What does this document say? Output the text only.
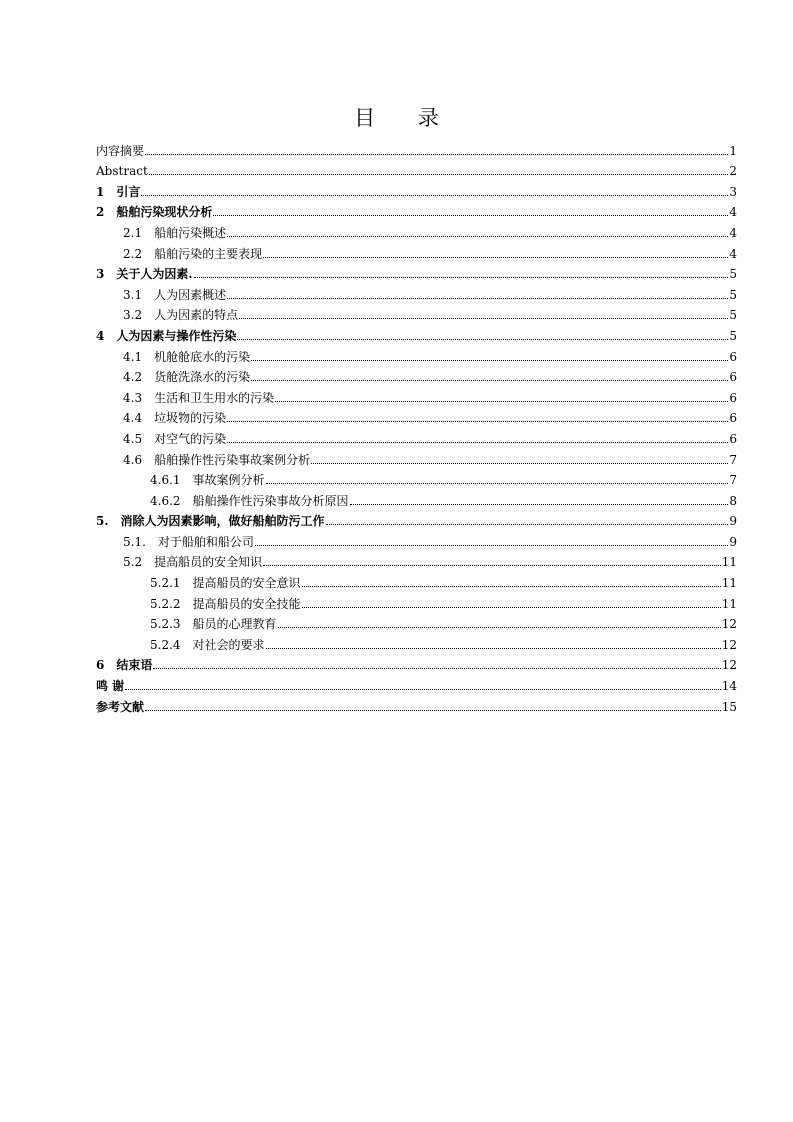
目 录
内容摘要	1
Abstract	2
1 引言	3
2 船舶污染现状分析	4
2.1 船舶污染概述	4
2.2 船舶污染的主要表现	4
3 关于人为因素.	5
3.1 人为因素概述	5
3.2 人为因素的特点	5
4 人为因素与操作性污染	5
4.1 机舱舱底水的污染	6
4.2 货舱洗涤水的污染	6
4.3 生活和卫生用水的污染	6
4.4 垃圾物的污染	6
4.5 对空气的污染	6
4.6 船舶操作性污染事故案例分析	7
4.6.1 事故案例分析	7
4.6.2 船舶操作性污染事故分析原因	8
5. 消除人为因素影响，做好船舶防污工作	9
5.1. 对于船舶和船公司	9
5.2 提高船员的安全知识	11
5.2.1 提高船员的安全意识	11
5.2.2 提高船员的安全技能	11
5.2.3 船员的心理教育	12
5.2.4 对社会的要求	12
6 结束语	12
鸣 谢	14
参考文献	15
